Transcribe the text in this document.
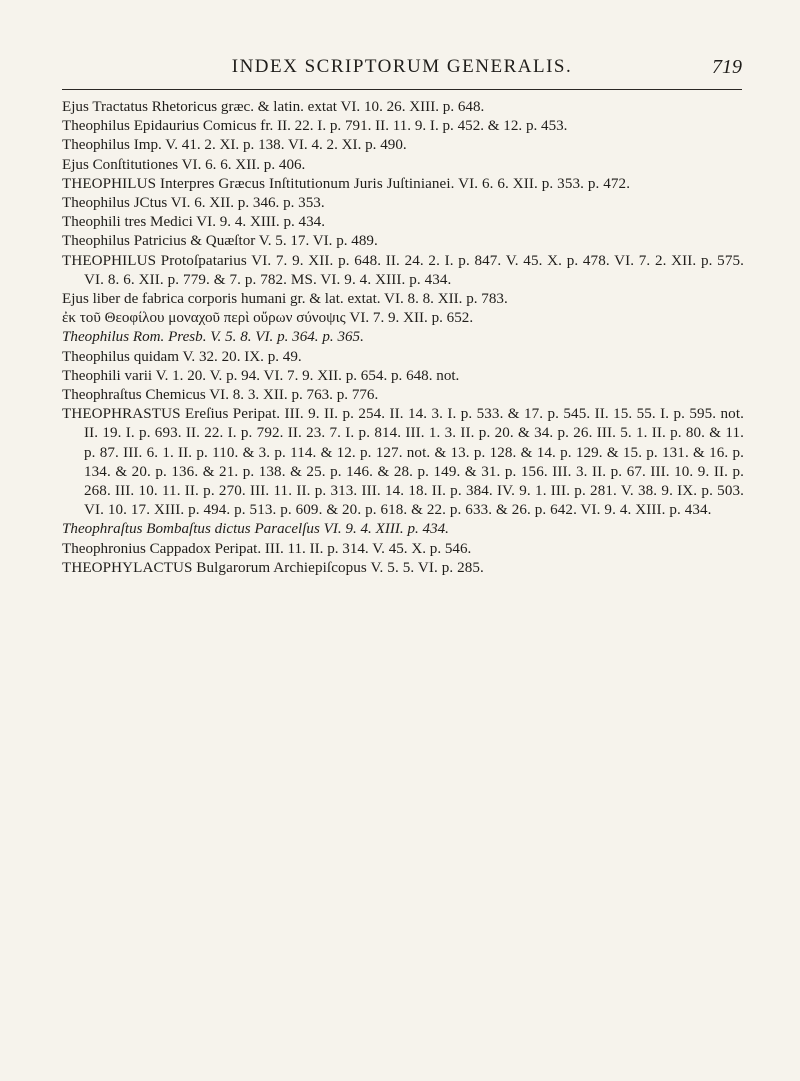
INDEX SCRIPTORUM GENERALIS.	719

Ejus Tractatus Rhetoricus græc. & latin. extat VI. 10. 26. XIII. p. 648.

Theophilus Epidaurius Comicus fr. II. 22. I. p. 791. II. 11. 9. I. p. 452. & 12. p. 453.

Theophilus Imp. V. 41. 2. XI. p. 138. VI. 4. 2. XI. p. 490.

Ejus Conſtitutiones VI. 6. 6. XII. p. 406.

THEOPHILUS Interpres Græcus Inſtitutionum Juris Juſtinianei. VI. 6. 6. XII. p. 353. p. 472.

Theophilus JCtus VI. 6. XII. p. 346. p. 353.

Theophili tres Medici VI. 9. 4. XIII. p. 434.

Theophilus Patricius & Quæſtor V. 5. 17. VI. p. 489.

THEOPHILUS Protoſpatarius VI. 7. 9. XII. p. 648. II. 24. 2. I. p. 847. V. 45. X. p. 478. VI. 7. 2. XII. p. 575. VI. 8. 6. XII. p. 779. & 7. p. 782. MS. VI. 9. 4. XIII. p. 434.

Ejus liber de fabrica corporis humani gr. & lat. extat. VI. 8. 8. XII. p. 783.

ἐκ τοῦ Θεοφίλου μοναχοῦ περὶ οὔρων σύνοψις VI. 7. 9. XII. p. 652.

Theophilus Rom. Presb. V. 5. 8. VI. p. 364. p. 365.

Theophilus quidam V. 32. 20. IX. p. 49.

Theophili varii V. 1. 20. V. p. 94. VI. 7. 9. XII. p. 654. p. 648. not.

Theophraſtus Chemicus VI. 8. 3. XII. p. 763. p. 776.

THEOPHRASTUS Ereſius Peripat. III. 9. II. p. 254. II. 14. 3. I. p. 533. & 17. p. 545. II. 15. 55. I. p. 595. not. II. 19. I. p. 693. II. 22. I. p. 792. II. 23. 7. I. p. 814. III. 1. 3. II. p. 20. & 34. p. 26. III. 5. 1. II. p. 80. & 11. p. 87. III. 6. 1. II. p. 110. & 3. p. 114. & 12. p. 127. not. & 13. p. 128. & 14. p. 129. & 15. p. 131. & 16. p. 134. & 20. p. 136. & 21. p. 138. & 25. p. 146. & 28. p. 149. & 31. p. 156. III. 3. II. p. 67. III. 10. 9. II. p. 268. III. 10. 11. II. p. 270. III. 11. II. p. 313. III. 14. 18. II. p. 384. IV. 9. 1. III. p. 281. V. 38. 9. IX. p. 503. VI. 10. 17. XIII. p. 494. p. 513. p. 609. & 20. p. 618. & 22. p. 633. & 26. p. 642. VI. 9. 4. XIII. p. 434.

Theophraſtus Bombaſtus dictus Paracelſus VI. 9. 4. XIII. p. 434.

Theophronius Cappadox Peripat. III. 11. II. p. 314. V. 45. X. p. 546.

THEOPHYLACTUS Bulgarorum Archiepiſcopus V. 5. 5. VI. p. 285.
